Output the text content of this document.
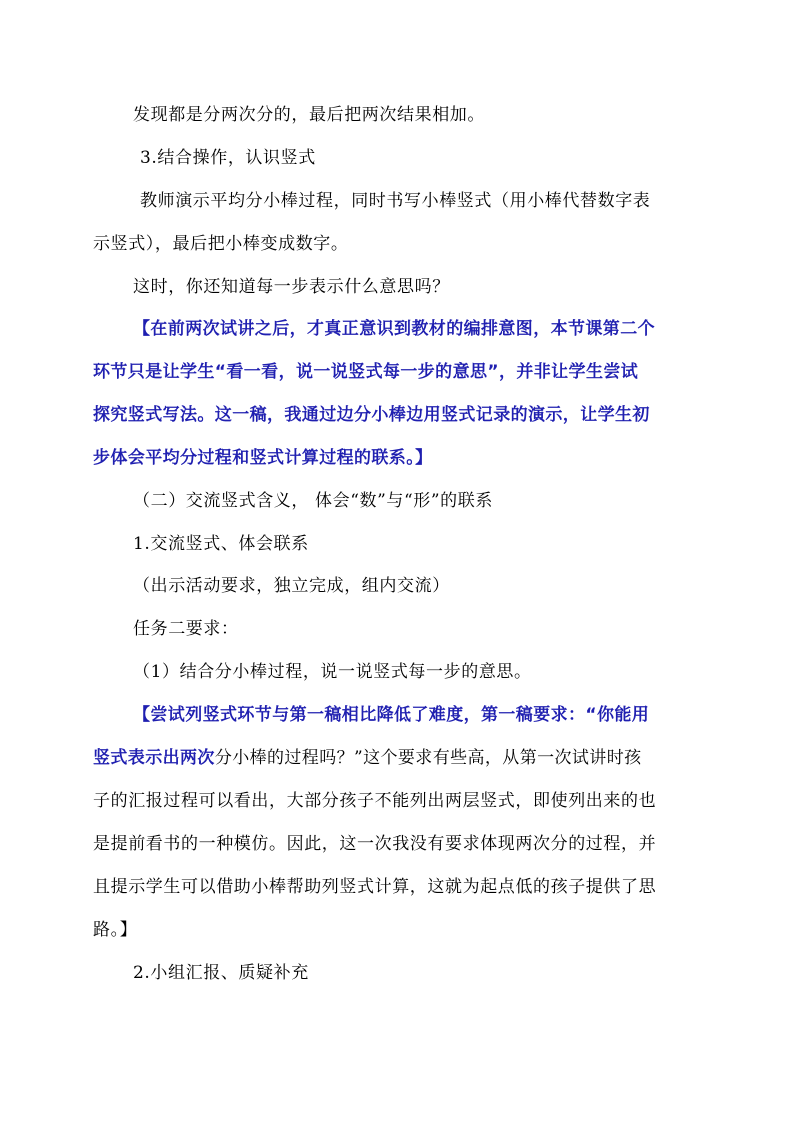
发现都是分两次分的，最后把两次结果相加。
3.结合操作，认识竖式
教师演示平均分小棒过程，同时书写小棒竖式（用小棒代替数字表
示竖式），最后把小棒变成数字。
这时，你还知道每一步表示什么意思吗？
【在前两次试讲之后，才真正意识到教材的编排意图，本节课第二个
环节只是让学生“看一看，说一说竖式每一步的意思”，并非让学生尝试
探究竖式写法。这一稿，我通过边分小棒边用竖式记录的演示，让学生初
步体会平均分过程和竖式计算过程的联系。】
（二）交流竖式含义， 体会“数”与“形”的联系
1.交流竖式、体会联系
（出示活动要求，独立完成，组内交流）
任务二要求：
（1）结合分小棒过程，说一说竖式每一步的意思。
【尝试列竖式环节与第一稿相比降低了难度，第一稿要求：“你能用
竖式表示出两次分小棒的过程吗？”这个要求有些高，从第一次试讲时孩
子的汇报过程可以看出，大部分孩子不能列出两层竖式，即使列出来的也
是提前看书的一种模仿。因此，这一次我没有要求体现两次分的过程，并
且提示学生可以借助小棒帮助列竖式计算，这就为起点低的孩子提供了思
路。】
2.小组汇报、质疑补充
